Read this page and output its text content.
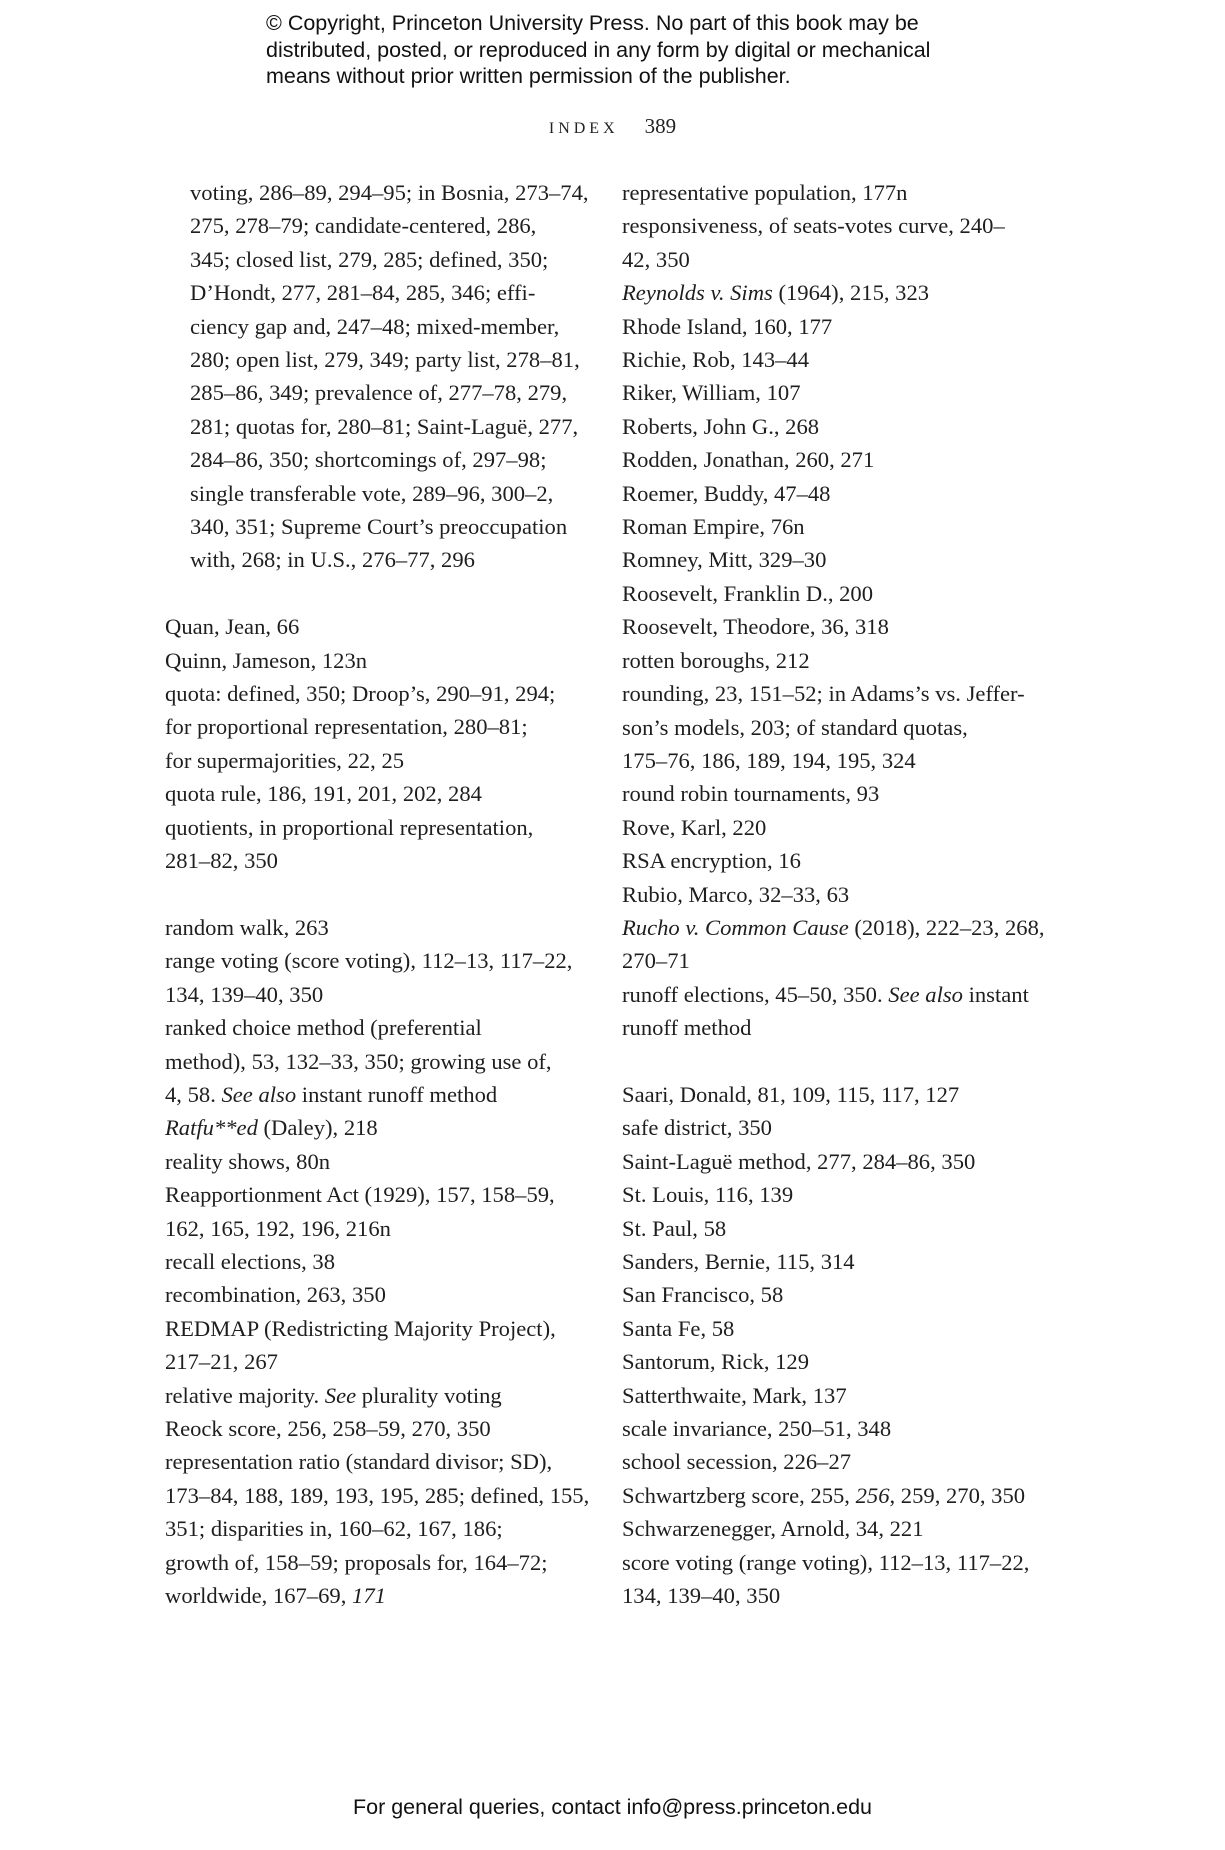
© Copyright, Princeton University Press. No part of this book may be
distributed, posted, or reproduced in any form by digital or mechanical
means without prior written permission of the publisher.
INDEX 389
voting, 286–89, 294–95; in Bosnia, 273–74,
275, 278–79; candidate-centered, 286,
345; closed list, 279, 285; defined, 350;
D’Hondt, 277, 281–84, 285, 346; effi-
ciency gap and, 247–48; mixed-member,
280; open list, 279, 349; party list, 278–81,
285–86, 349; prevalence of, 277–78, 279,
281; quotas for, 280–81; Saint-Laguë, 277,
284–86, 350; shortcomings of, 297–98;
single transferable vote, 289–96, 300–2,
340, 351; Supreme Court’s preoccupation
with, 268; in U.S., 276–77, 296
Quan, Jean, 66
Quinn, Jameson, 123n
quota: defined, 350; Droop’s, 290–91, 294;
for proportional representation, 280–81;
for supermajorities, 22, 25
quota rule, 186, 191, 201, 202, 284
quotients, in proportional representation,
281–82, 350
random walk, 263
range voting (score voting), 112–13, 117–22,
134, 139–40, 350
ranked choice method (preferential
method), 53, 132–33, 350; growing use of,
4, 58. See also instant runoff method
Ratfu**ed (Daley), 218
reality shows, 80n
Reapportionment Act (1929), 157, 158–59,
162, 165, 192, 196, 216n
recall elections, 38
recombination, 263, 350
REDMAP (Redistricting Majority Project),
217–21, 267
relative majority. See plurality voting
Reock score, 256, 258–59, 270, 350
representation ratio (standard divisor; SD),
173–84, 188, 189, 193, 195, 285; defined, 155,
351; disparities in, 160–62, 167, 186;
growth of, 158–59; proposals for, 164–72;
worldwide, 167–69, 171
representative population, 177n
responsiveness, of seats-votes curve, 240–
42, 350
Reynolds v. Sims (1964), 215, 323
Rhode Island, 160, 177
Richie, Rob, 143–44
Riker, William, 107
Roberts, John G., 268
Rodden, Jonathan, 260, 271
Roemer, Buddy, 47–48
Roman Empire, 76n
Romney, Mitt, 329–30
Roosevelt, Franklin D., 200
Roosevelt, Theodore, 36, 318
rotten boroughs, 212
rounding, 23, 151–52; in Adams’s vs. Jeffer-
son’s models, 203; of standard quotas,
175–76, 186, 189, 194, 195, 324
round robin tournaments, 93
Rove, Karl, 220
RSA encryption, 16
Rubio, Marco, 32–33, 63
Rucho v. Common Cause (2018), 222–23, 268,
270–71
runoff elections, 45–50, 350. See also instant
runoff method
Saari, Donald, 81, 109, 115, 117, 127
safe district, 350
Saint-Laguë method, 277, 284–86, 350
St. Louis, 116, 139
St. Paul, 58
Sanders, Bernie, 115, 314
San Francisco, 58
Santa Fe, 58
Santorum, Rick, 129
Satterthwaite, Mark, 137
scale invariance, 250–51, 348
school secession, 226–27
Schwartzberg score, 255, 256, 259, 270, 350
Schwarzenegger, Arnold, 34, 221
score voting (range voting), 112–13, 117–22,
134, 139–40, 350
For general queries, contact info@press.princeton.edu
